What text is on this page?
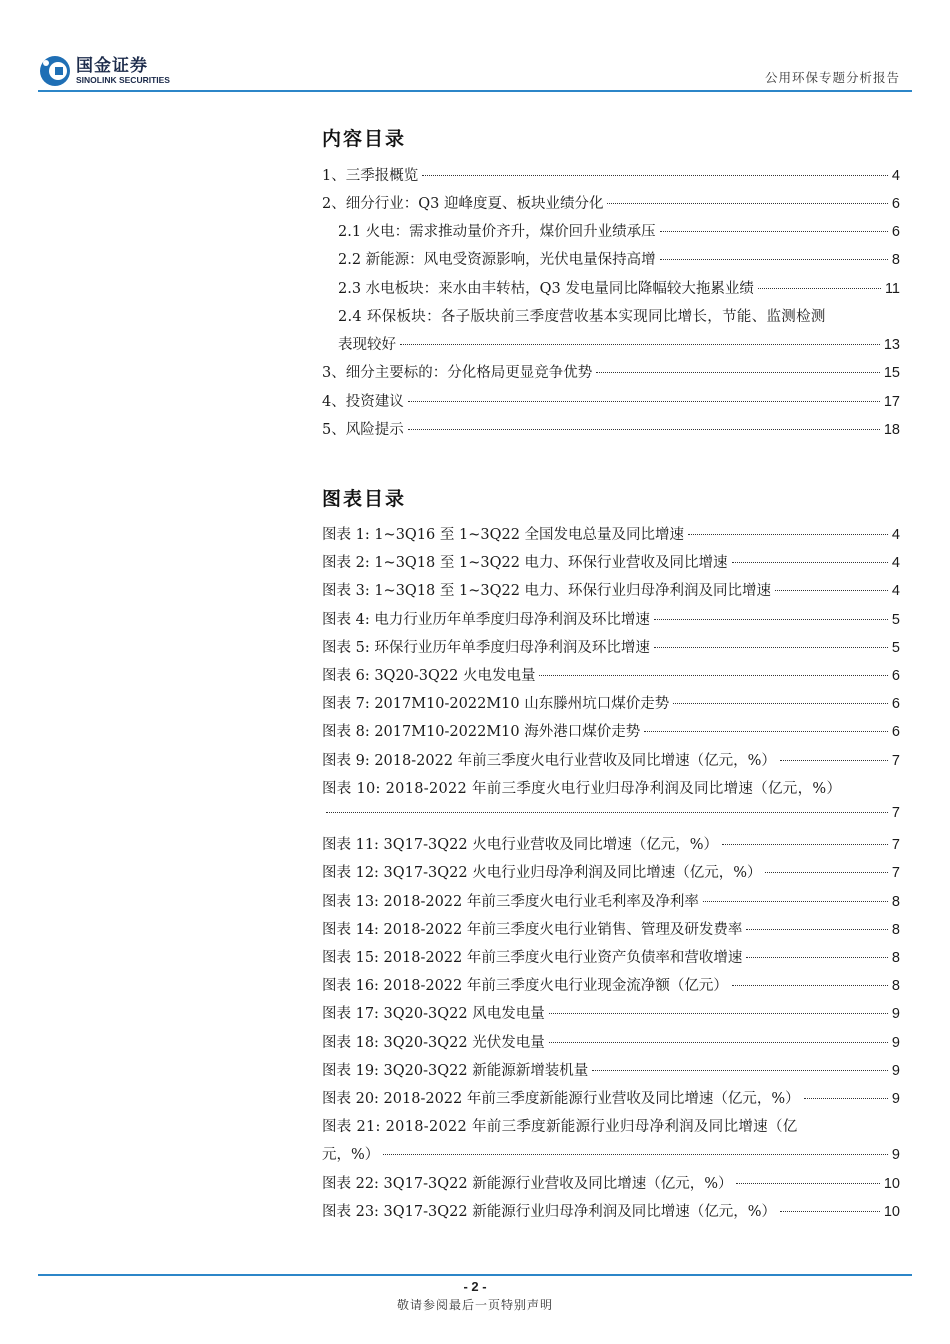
国金证券
SINOLINK SECURITIES	公用环保专题分析报告
内容目录
1、三季报概览	4
2、细分行业：Q3 迎峰度夏、板块业绩分化	6
2.1 火电：需求推动量价齐升，煤价回升业绩承压	6
2.2 新能源：风电受资源影响，光伏电量保持高增	8
2.3 水电板块：来水由丰转枯，Q3 发电量同比降幅较大拖累业绩	11
2.4 环保板块：各子版块前三季度营收基本实现同比增长，节能、监测检测
表现较好	13
3、细分主要标的：分化格局更显竞争优势	15
4、投资建议	17
5、风险提示	18
图表目录
图表 1: 1~3Q16 至 1~3Q22 全国发电总量及同比增速	4
图表 2: 1~3Q18 至 1~3Q22 电力、环保行业营收及同比增速	4
图表 3: 1~3Q18 至 1~3Q22 电力、环保行业归母净利润及同比增速	4
图表 4: 电力行业历年单季度归母净利润及环比增速	5
图表 5: 环保行业历年单季度归母净利润及环比增速	5
图表 6: 3Q20-3Q22 火电发电量	6
图表 7: 2017M10-2022M10 山东滕州坑口煤价走势	6
图表 8: 2017M10-2022M10 海外港口煤价走势	6
图表 9: 2018-2022 年前三季度火电行业营收及同比增速（亿元，%）	7
图表 10: 2018-2022 年前三季度火电行业归母净利润及同比增速（亿元，%）
7
图表 11: 3Q17-3Q22 火电行业营收及同比增速（亿元，%）	7
图表 12: 3Q17-3Q22 火电行业归母净利润及同比增速（亿元，%）	7
图表 13: 2018-2022 年前三季度火电行业毛利率及净利率	8
图表 14: 2018-2022 年前三季度火电行业销售、管理及研发费率	8
图表 15: 2018-2022 年前三季度火电行业资产负债率和营收增速	8
图表 16: 2018-2022 年前三季度火电行业现金流净额（亿元）	8
图表 17: 3Q20-3Q22 风电发电量	9
图表 18: 3Q20-3Q22 光伏发电量	9
图表 19: 3Q20-3Q22 新能源新增装机量	9
图表 20: 2018-2022 年前三季度新能源行业营收及同比增速（亿元，%）	9
图表 21: 2018-2022 年前三季度新能源行业归母净利润及同比增速（亿
元，%）	9
图表 22: 3Q17-3Q22 新能源行业营收及同比增速（亿元，%）	10
图表 23: 3Q17-3Q22 新能源行业归母净利润及同比增速（亿元，%）	10
- 2 -
敬请参阅最后一页特别声明
